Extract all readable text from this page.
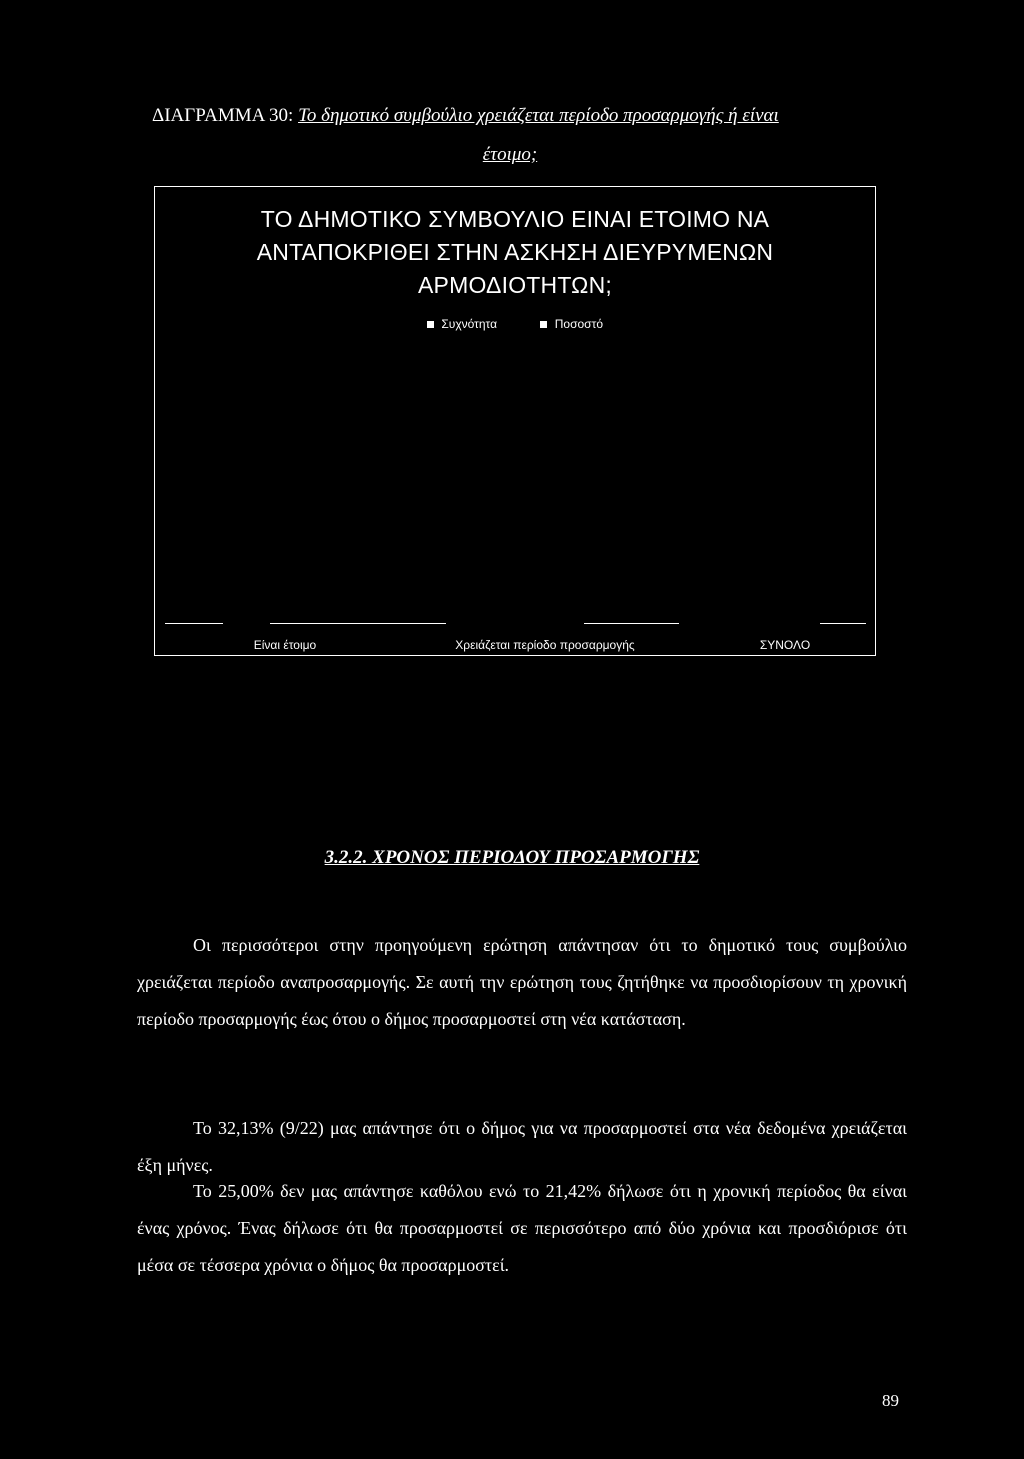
ΔΙΑΓΡΑΜΜΑ 30: Το δημοτικό συμβούλιο χρειάζεται περίοδο προσαρμογής ή είναι
έτοιμο;
ΤΟ ΔΗΜΟΤΙΚΟ ΣΥΜΒΟΥΛΙΟ ΕΙΝΑΙ ΕΤΟΙΜΟ ΝΑ
ΑΝΤΑΠΟΚΡΙΘΕΙ ΣΤΗΝ ΑΣΚΗΣΗ ΔΙΕΥΡΥΜΕΝΩΝ
ΑΡΜΟΔΙΟΤΗΤΩΝ;
Συχνότητα	Ποσοστό
Είναι έτοιμο	Χρειάζεται περίοδο προσαρμογής	ΣΥΝΟΛΟ
3.2.2. ΧΡΟΝΟΣ ΠΕΡΙΟΔΟΥ ΠΡΟΣΑΡΜΟΓΗΣ
Οι περισσότεροι στην προηγούμενη ερώτηση απάντησαν ότι το δημοτικό τους συμβούλιο χρειάζεται περίοδο αναπροσαρμογής. Σε αυτή την ερώτηση τους ζητήθηκε να προσδιορίσουν τη χρονική περίοδο προσαρμογής έως ότου ο δήμος προσαρμοστεί στη νέα κατάσταση.
Το 32,13% (9/22) μας απάντησε ότι ο δήμος για να προσαρμοστεί στα νέα δεδομένα χρειάζεται έξη μήνες.
Το 25,00% δεν μας απάντησε καθόλου ενώ το 21,42% δήλωσε ότι η χρονική περίοδος θα είναι ένας χρόνος. Ένας δήλωσε ότι θα προσαρμοστεί σε περισσότερο από δύο χρόνια και προσδιόρισε ότι μέσα σε τέσσερα χρόνια ο δήμος θα προσαρμοστεί.
89
